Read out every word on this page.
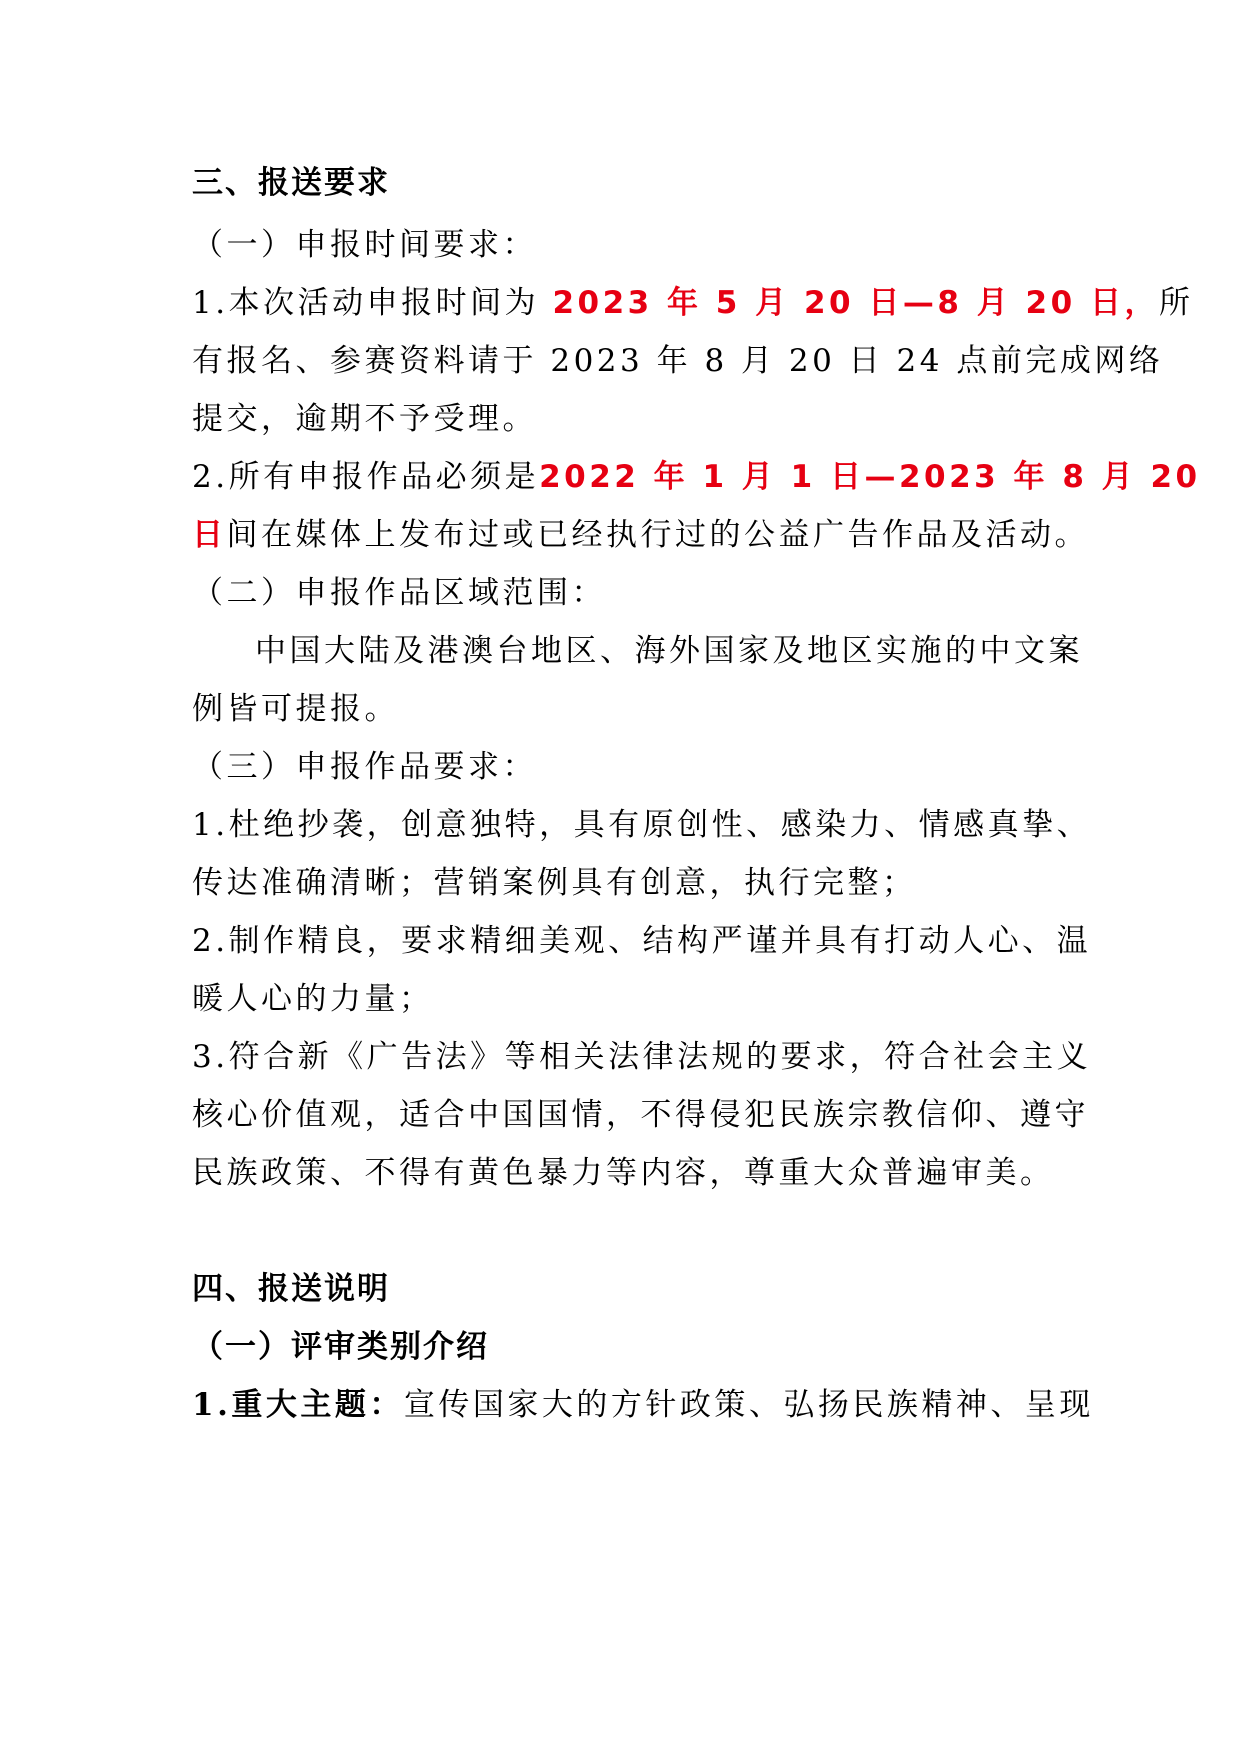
三、报送要求
（一）申报时间要求：
1.本次活动申报时间为 2023 年 5 月 20 日—8 月 20 日，所
有报名、参赛资料请于 2023 年 8 月 20 日 24 点前完成网络
提交，逾期不予受理。
2.所有申报作品必须是2022 年 1 月 1 日—2023 年 8 月 20
日间在媒体上发布过或已经执行过的公益广告作品及活动。
（二）申报作品区域范围：
中国大陆及港澳台地区、海外国家及地区实施的中文案
例皆可提报。
（三）申报作品要求：
1.杜绝抄袭，创意独特，具有原创性、感染力、情感真挚、
传达准确清晰；营销案例具有创意，执行完整；
2.制作精良，要求精细美观、结构严谨并具有打动人心、温
暖人心的力量；
3.符合新《广告法》等相关法律法规的要求，符合社会主义
核心价值观，适合中国国情，不得侵犯民族宗教信仰、遵守
民族政策、不得有黄色暴力等内容，尊重大众普遍审美。
四、报送说明
（一）评审类别介绍
1.重大主题：宣传国家大的方针政策、弘扬民族精神、呈现
